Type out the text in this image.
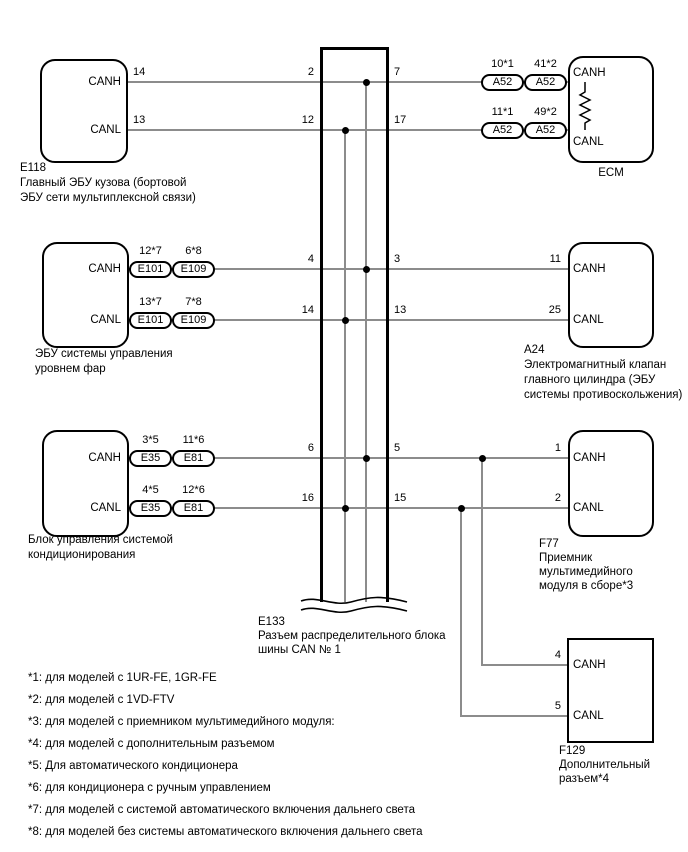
CANH
CANL
CANH
CANL
CANH
CANL
CANH
CANL
CANH
CANL
CANH
CANL
CANH
CANL
10*1	41*2
A52	A52
11*1	49*2
A52	A52
12*7	6*8
E101	E109
13*7	7*8
E101	E109
3*5	11*6
E35	E81
4*5	12*6
E35	E81
14
13
2
12
4
14
6
16
7
17
3
13
5
15
11
25
1
2
4
5
E118
Главный ЭБУ кузова (бортовой
ЭБУ сети мультиплексной связи)
ЭБУ системы управления
уровнем фар
Блок управления системой
кондиционирования
ECM
A24
Электромагнитный клапан
главного цилиндра (ЭБУ
системы противоскольжения)
F77
Приемник мультимедийного
модуля в сборе*3
F129
Дополнительный
разъем*4
E133
Разъем распределительного блока
шины CAN № 1
*1: для моделей с 1UR-FE, 1GR-FE
*2: для моделей с 1VD-FTV
*3: для моделей с приемником мультимедийного модуля:
*4: для моделей с дополнительным разъемом
*5: Для автоматического кондиционера
*6: для кондиционера с ручным управлением
*7: для моделей с системой автоматического включения дальнего света
*8: для моделей без системы автоматического включения дальнего света
